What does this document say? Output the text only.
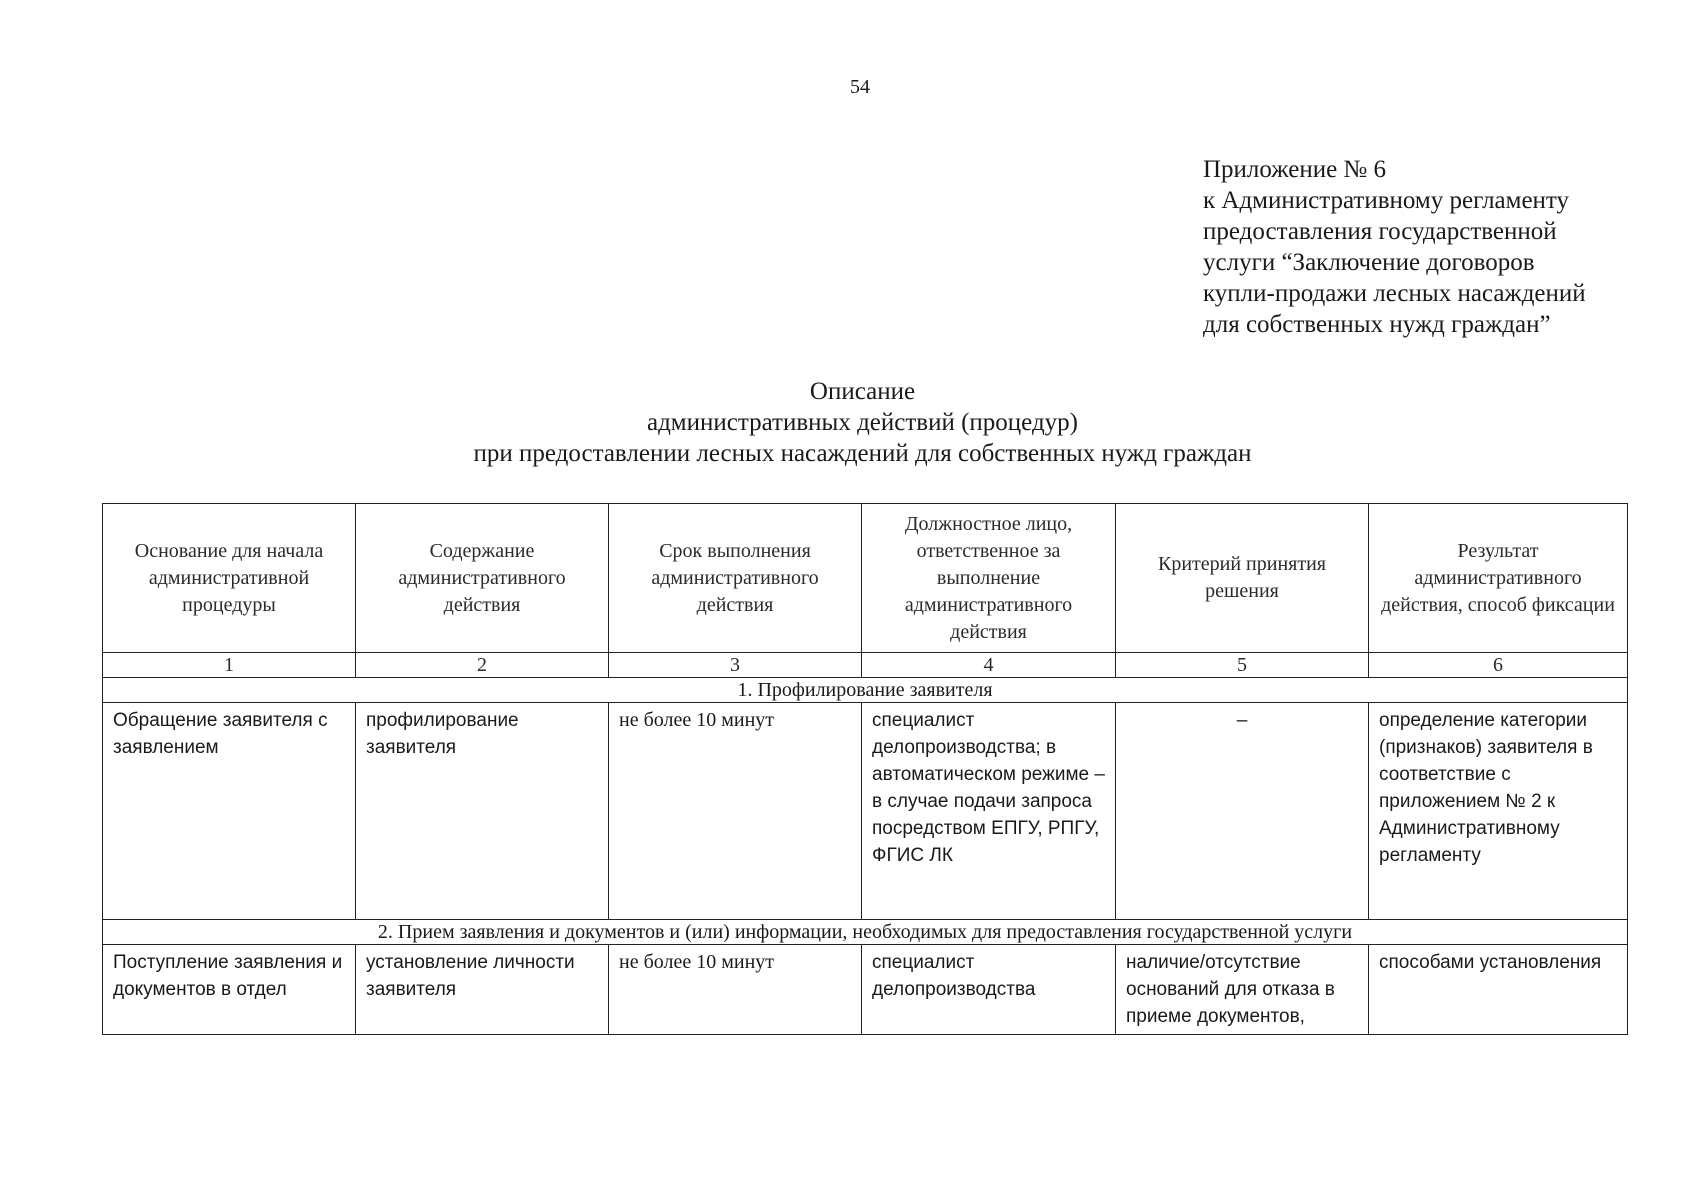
54
Приложение № 6
к Административному регламенту
предоставления государственной
услуги “Заключение договоров
купли-продажи лесных насаждений
для собственных нужд граждан”
Описание
административных действий (процедур)
при предоставлении лесных насаждений для собственных нужд граждан
Основание для начала административной процедуры	Содержание административного действия	Срок выполнения административного действия	Должностное лицо, ответственное за выполнение административного действия	Критерий принятия решения	Результат административного действия, способ фиксации
1	2	3	4	5	6
1. Профилирование заявителя					
Обращение заявителя с заявлением	профилирование заявителя	не более 10 минут	специалист делопроизводства; в автоматическом режиме – в случае подачи запроса посредством ЕПГУ, РПГУ, ФГИС ЛК	–	определение категории (признаков) заявителя в соответствие с приложением № 2 к Административному регламенту
2. Прием заявления и документов и (или) информации, необходимых для предоставления государственной услуги					
Поступление заявления и документов в отдел	установление личности заявителя	не более 10 минут	специалист делопроизводства	наличие/отсутствие оснований для отказа в приеме документов,	способами установления
